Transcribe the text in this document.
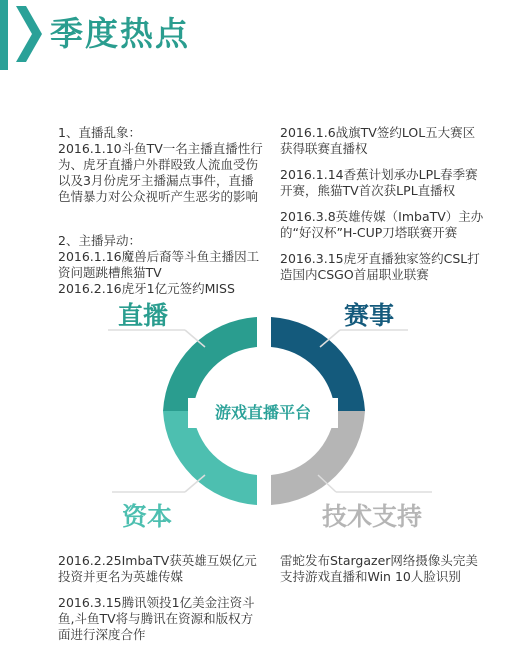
季度热点
1、直播乱象：
2016.1.10斗鱼TV一名主播直播性行
为、虎牙直播户外群殴致人流血受伤
以及3月份虎牙主播漏点事件，直播
色情暴力对公众视听产生恶劣的影响
2、主播异动：
2016.1.16魔兽后裔等斗鱼主播因工
资问题跳槽熊猫TV
2016.2.16虎牙1亿元签约MISS
2016.1.6战旗TV签约LOL五大赛区
获得联赛直播权
2016.1.14香蕉计划承办LPL春季赛
开赛，熊猫TV首次获LPL直播权
2016.3.8英雄传媒（ImbaTV）主办
的“好汉杯”H-CUP刀塔联赛开赛
2016.3.15虎牙直播独家签约CSL打
造国内CSGO首届职业联赛
直播	赛事
资本	技术支持
游戏直播平台
2016.2.25ImbaTV获英雄互娱亿元
投资并更名为英雄传媒
2016.3.15腾讯领投1亿美金注资斗
鱼,斗鱼TV将与腾讯在资源和版权方
面进行深度合作
雷蛇发布Stargazer网络摄像头完美
支持游戏直播和Win 10人脸识别
